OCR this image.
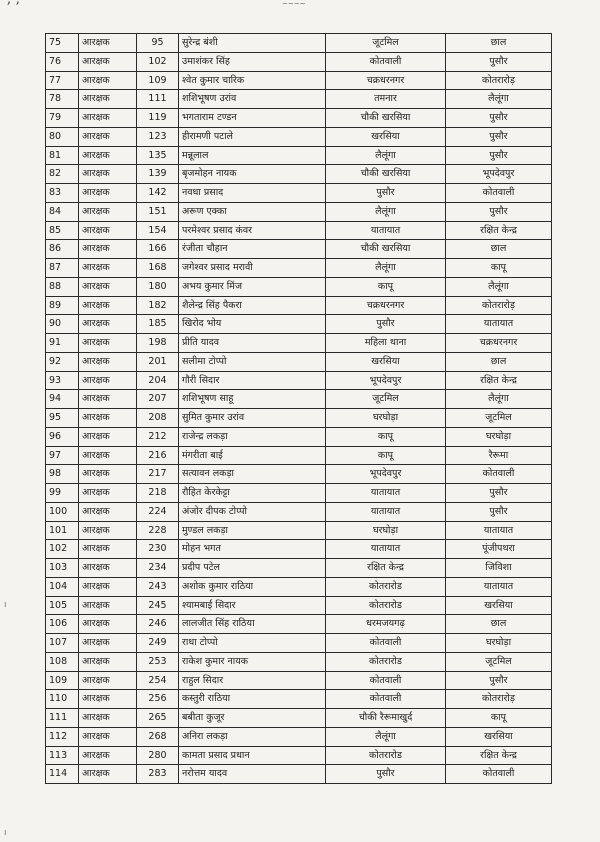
ʼ ʼ	~~~~
75	आरक्षक	95	सुरेन्द्र बंशी	जूटमिल	छाल
76	आरक्षक	102	उमाशंकर सिंह	कोतवाली	पुसौर
77	आरक्षक	109	श्वेत कुमार चारिक	चक्रधरनगर	कोतरारोड़
78	आरक्षक	111	शशिभूषण उरांव	तमनार	लैलूंगा
79	आरक्षक	119	भगताराम टण्डन	चौकी खरसिया	पुसौर
80	आरक्षक	123	हीरामणी पटाले	खरसिया	पुसौर
81	आरक्षक	135	मन्नूलाल	लैलूंगा	पुसौर
82	आरक्षक	139	बृजमोहन नायक	चौकी खरसिया	भूपदेवपुर
83	आरक्षक	142	नवधा प्रसाद	पुसौर	कोतवाली
84	आरक्षक	151	अरूण एक्का	लैलूंगा	पुसौर
85	आरक्षक	154	परमेश्वर प्रसाद कंवर	यातायात	रक्षित केन्द्र
86	आरक्षक	166	रंजीता चौहान	चौकी खरसिया	छाल
87	आरक्षक	168	जगेश्वर प्रसाद मरावी	लैलूंगा	कापू
88	आरक्षक	180	अभय कुमार मिंज	कापू	लैलूंगा
89	आरक्षक	182	शैलेन्द्र सिंह पैकरा	चक्रधरनगर	कोतरारोड़
90	आरक्षक	185	खिरोद भोय	पुसौर	यातायात
91	आरक्षक	198	प्रीति यादव	महिला थाना	चक्रधरनगर
92	आरक्षक	201	सलीमा टोप्पो	खरसिया	छाल
93	आरक्षक	204	गौरी सिदार	भूपदेवपुर	रक्षित केन्द्र
94	आरक्षक	207	शशिभूषण साहू	जूटमिल	लैलूंगा
95	आरक्षक	208	सुमित कुमार उरांव	घरघोड़ा	जूटमिल
96	आरक्षक	212	राजेन्द्र लकड़ा	कापू	घरघोड़ा
97	आरक्षक	216	मंगरीता बाई	कापू	रैरूमा
98	आरक्षक	217	सत्यावन लकड़ा	भूपदेवपुर	कोतवाली
99	आरक्षक	218	रौहित केरकेट्टा	यातायात	पुसौर
100	आरक्षक	224	अंजोर दीपक टोप्पो	यातायात	पुसौर
101	आरक्षक	228	मुण्डल लकड़ा	घरघोड़ा	यातायात
102	आरक्षक	230	मोहन भगत	यातायात	पूंजीपथरा
103	आरक्षक	234	प्रदीप पटेल	रक्षित केन्द्र	जिविशा
104	आरक्षक	243	अशोक कुमार राठिया	कोतरारोड	यातायात
105	आरक्षक	245	श्यामबाई सिदार	कोतरारोड	खरसिया
106	आरक्षक	246	लालजीत सिंह राठिया	धरमजयगढ़	छाल
107	आरक्षक	249	राधा टोप्पो	कोतवाली	घरघोड़ा
108	आरक्षक	253	राकेश कुमार नायक	कोतरारोड	जूटमिल
109	आरक्षक	254	राहुल सिदार	कोतवाली	पुसौर
110	आरक्षक	256	कस्तुरी राठिया	कोतवाली	कोतरारोड़
111	आरक्षक	265	बबीता कुजूर	चौकी रैरूमाखुर्द	कापू
112	आरक्षक	268	अनिरा लकड़ा	लैलूंगा	खरसिया
113	आरक्षक	280	कामता प्रसाद प्रधान	कोतरारोड	रक्षित केन्द्र
114	आरक्षक	283	नरोत्तम यादव	पुसौर	कोतवाली
ı
ı
